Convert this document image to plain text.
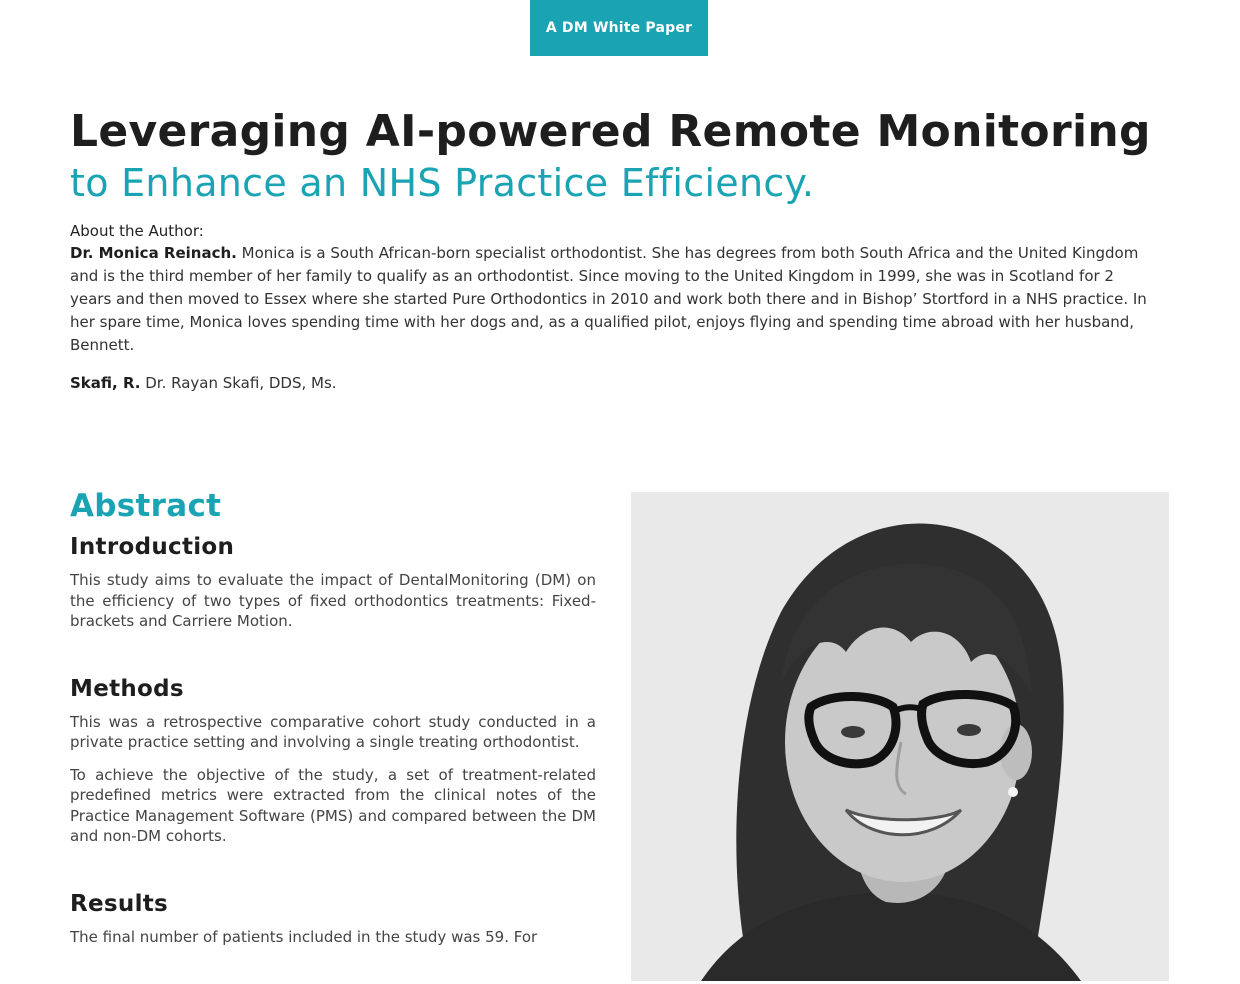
A DM White Paper
Leveraging AI-powered Remote Monitoring
to Enhance an NHS Practice Efficiency.
About the Author:
Dr. Monica Reinach. Monica is a South African-born specialist orthodontist. She has degrees from both South Africa and the United Kingdom and is the third member of her family to qualify as an orthodontist. Since moving to the United Kingdom in 1999, she was in Scotland for 2 years and then moved to Essex where she started Pure Orthodontics in 2010 and work both there and in Bishop’ Stortford in a NHS practice. In her spare time, Monica loves spending time with her dogs and, as a qualified pilot, enjoys flying and spending time abroad with her husband, Bennett.
Skafi, R. Dr. Rayan Skafi, DDS, Ms.
Abstract
Introduction

This study aims to evaluate the impact of DentalMonitoring (DM) on the efficiency of two types of fixed orthodontics treatments: Fixed-brackets and Carriere Motion.

Methods

This was a retrospective comparative cohort study conducted in a private practice setting and involving a single treating orthodontist.

To achieve the objective of the study, a set of treatment-related predefined metrics were extracted from the clinical notes of the Practice Management Software (PMS) and compared between the DM and non-DM cohorts.

Results

The final number of patients included in the study was 59. For
